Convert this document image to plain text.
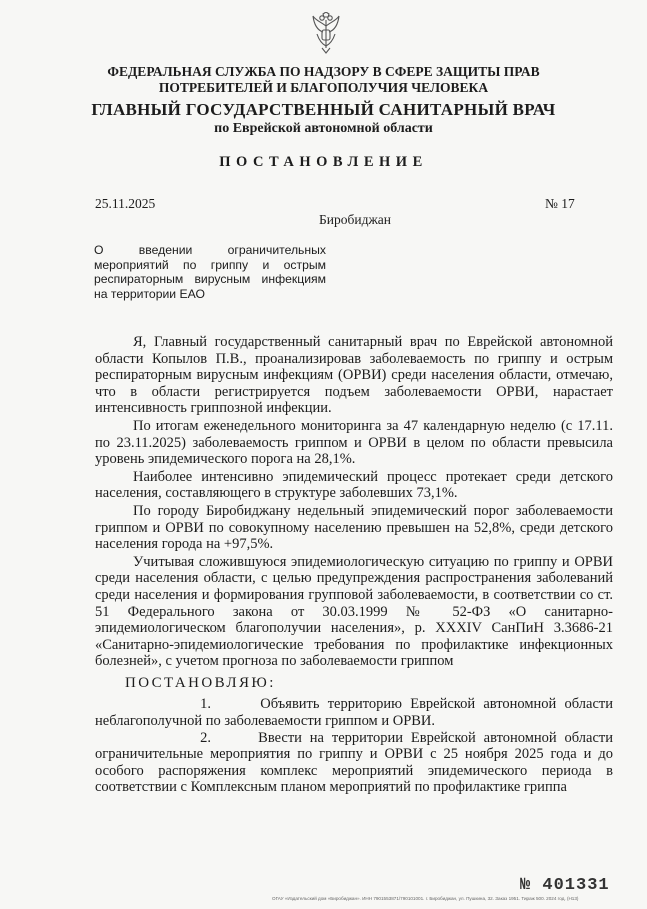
ФЕДЕРАЛЬНАЯ СЛУЖБА ПО НАДЗОРУ В СФЕРЕ ЗАЩИТЫ ПРАВ
ПОТРЕБИТЕЛЕЙ И БЛАГОПОЛУЧИЯ ЧЕЛОВЕКА
ГЛАВНЫЙ ГОСУДАРСТВЕННЫЙ САНИТАРНЫЙ ВРАЧ
по Еврейской автономной области
ПОСТАНОВЛЕНИЕ
25.11.2025	№ 17
Биробиджан
О введении ограничительных мероприятий по гриппу и острым респираторным вирусным инфекциям на территории ЕАО

Я, Главный государственный санитарный врач по Еврейской автономной области Копылов П.В., проанализировав заболеваемость по гриппу и острым респираторным вирусным инфекциям (ОРВИ) среди населения области, отмечаю, что в области регистрируется подъем заболеваемости ОРВИ, нарастает интенсивность гриппозной инфекции.

По итогам еженедельного мониторинга за 47 календарную неделю (с 17.11. по 23.11.2025) заболеваемость гриппом и ОРВИ в целом по области превысила уровень эпидемического порога на 28,1%.

Наиболее интенсивно эпидемический процесс протекает среди детского населения, составляющего в структуре заболевших 73,1%.

По городу Биробиджану недельный эпидемический порог заболеваемости гриппом и ОРВИ по совокупному населению превышен на 52,8%, среди детского населения города на +97,5%.

Учитывая сложившуюся эпидемиологическую ситуацию по гриппу и ОРВИ среди населения области, с целью предупреждения распространения заболеваний среди населения и формирования групповой заболеваемости, в соответствии со ст. 51 Федерального закона от 30.03.1999 № 52-ФЗ «О санитарно-эпидемиологическом благополучии населения», р. XXXIV СанПиН 3.3686-21 «Санитарно-эпидемиологические требования по профилактике инфекционных болезней», с учетом прогноза по заболеваемости гриппом

ПОСТАНОВЛЯЮ:

1.	Объявить территорию Еврейской автономной области неблагополучной по заболеваемости гриппом и ОРВИ.

2.	Ввести на территории Еврейской автономной области ограничительные мероприятия по гриппу и ОРВИ с 25 ноября 2025 года и до особого распоряжения комплекс мероприятий эпидемического периода в соответствии с Комплексным планом мероприятий по профилактике гриппа

№ 401331
ОГАУ «Издательский дом «Биробиджан». ИНН 7901553871/790101001. г. Биробиджан, ул. Пушкина, 32. Заказ 1951. Тираж 500. 2024 год. (Н13)
